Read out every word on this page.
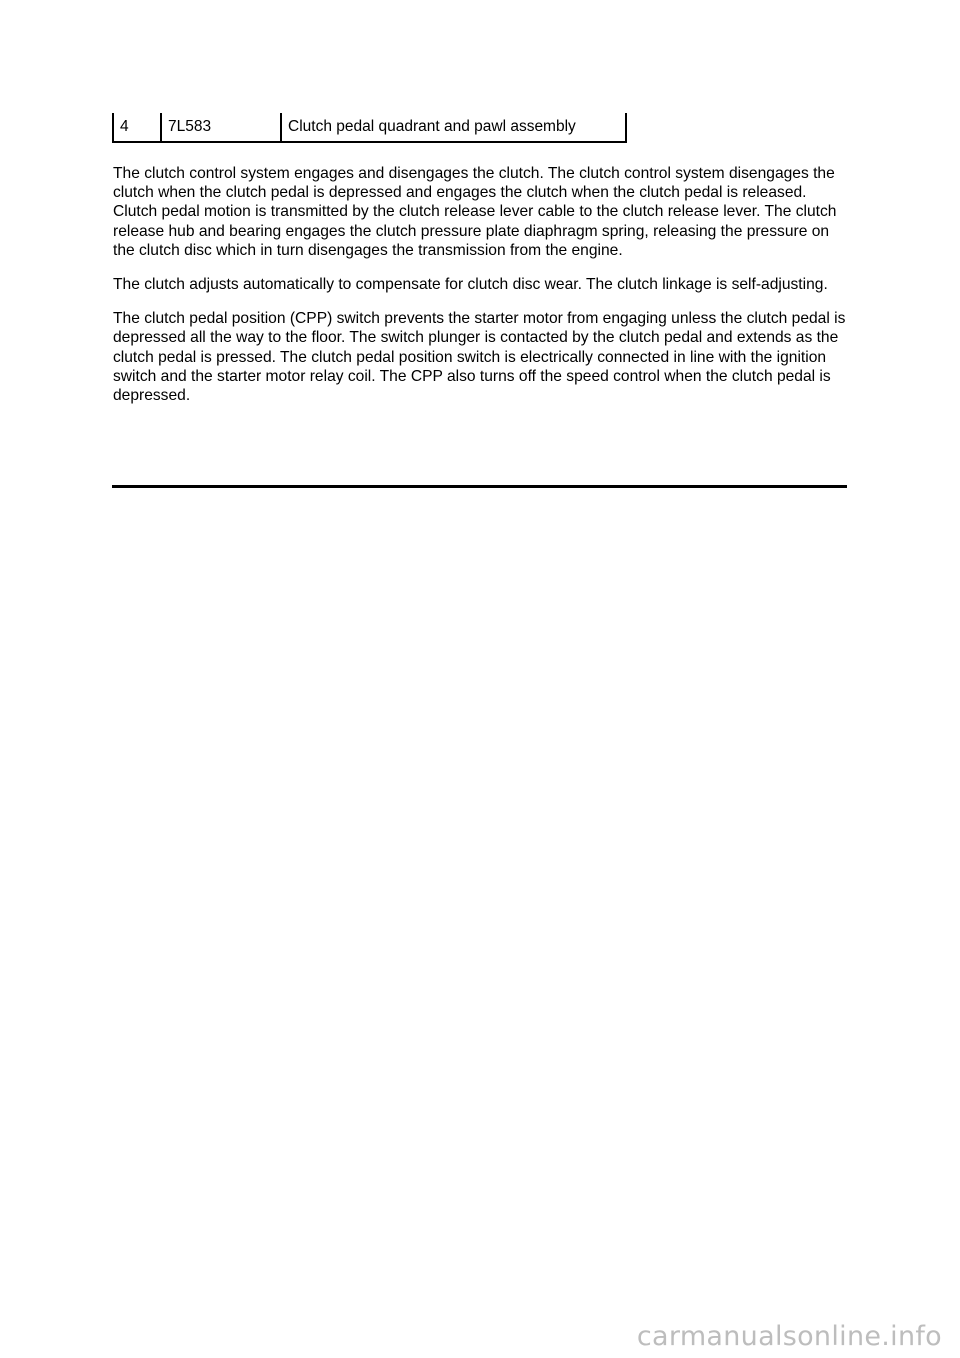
4	7L583	Clutch pedal quadrant and pawl assembly

The clutch control system engages and disengages the clutch. The clutch control system disengages the clutch when the clutch pedal is depressed and engages the clutch when the clutch pedal is released. Clutch pedal motion is transmitted by the clutch release lever cable to the clutch release lever. The clutch release hub and bearing engages the clutch pressure plate diaphragm spring, releasing the pressure on the clutch disc which in turn disengages the transmission from the engine.

The clutch adjusts automatically to compensate for clutch disc wear. The clutch linkage is self-adjusting.

The clutch pedal position (CPP) switch prevents the starter motor from engaging unless the clutch pedal is depressed all the way to the floor. The switch plunger is contacted by the clutch pedal and extends as the clutch pedal is pressed. The clutch pedal position switch is electrically connected in line with the ignition switch and the starter motor relay coil. The CPP also turns off the speed control when the clutch pedal is depressed.

carmanualsonline.info
